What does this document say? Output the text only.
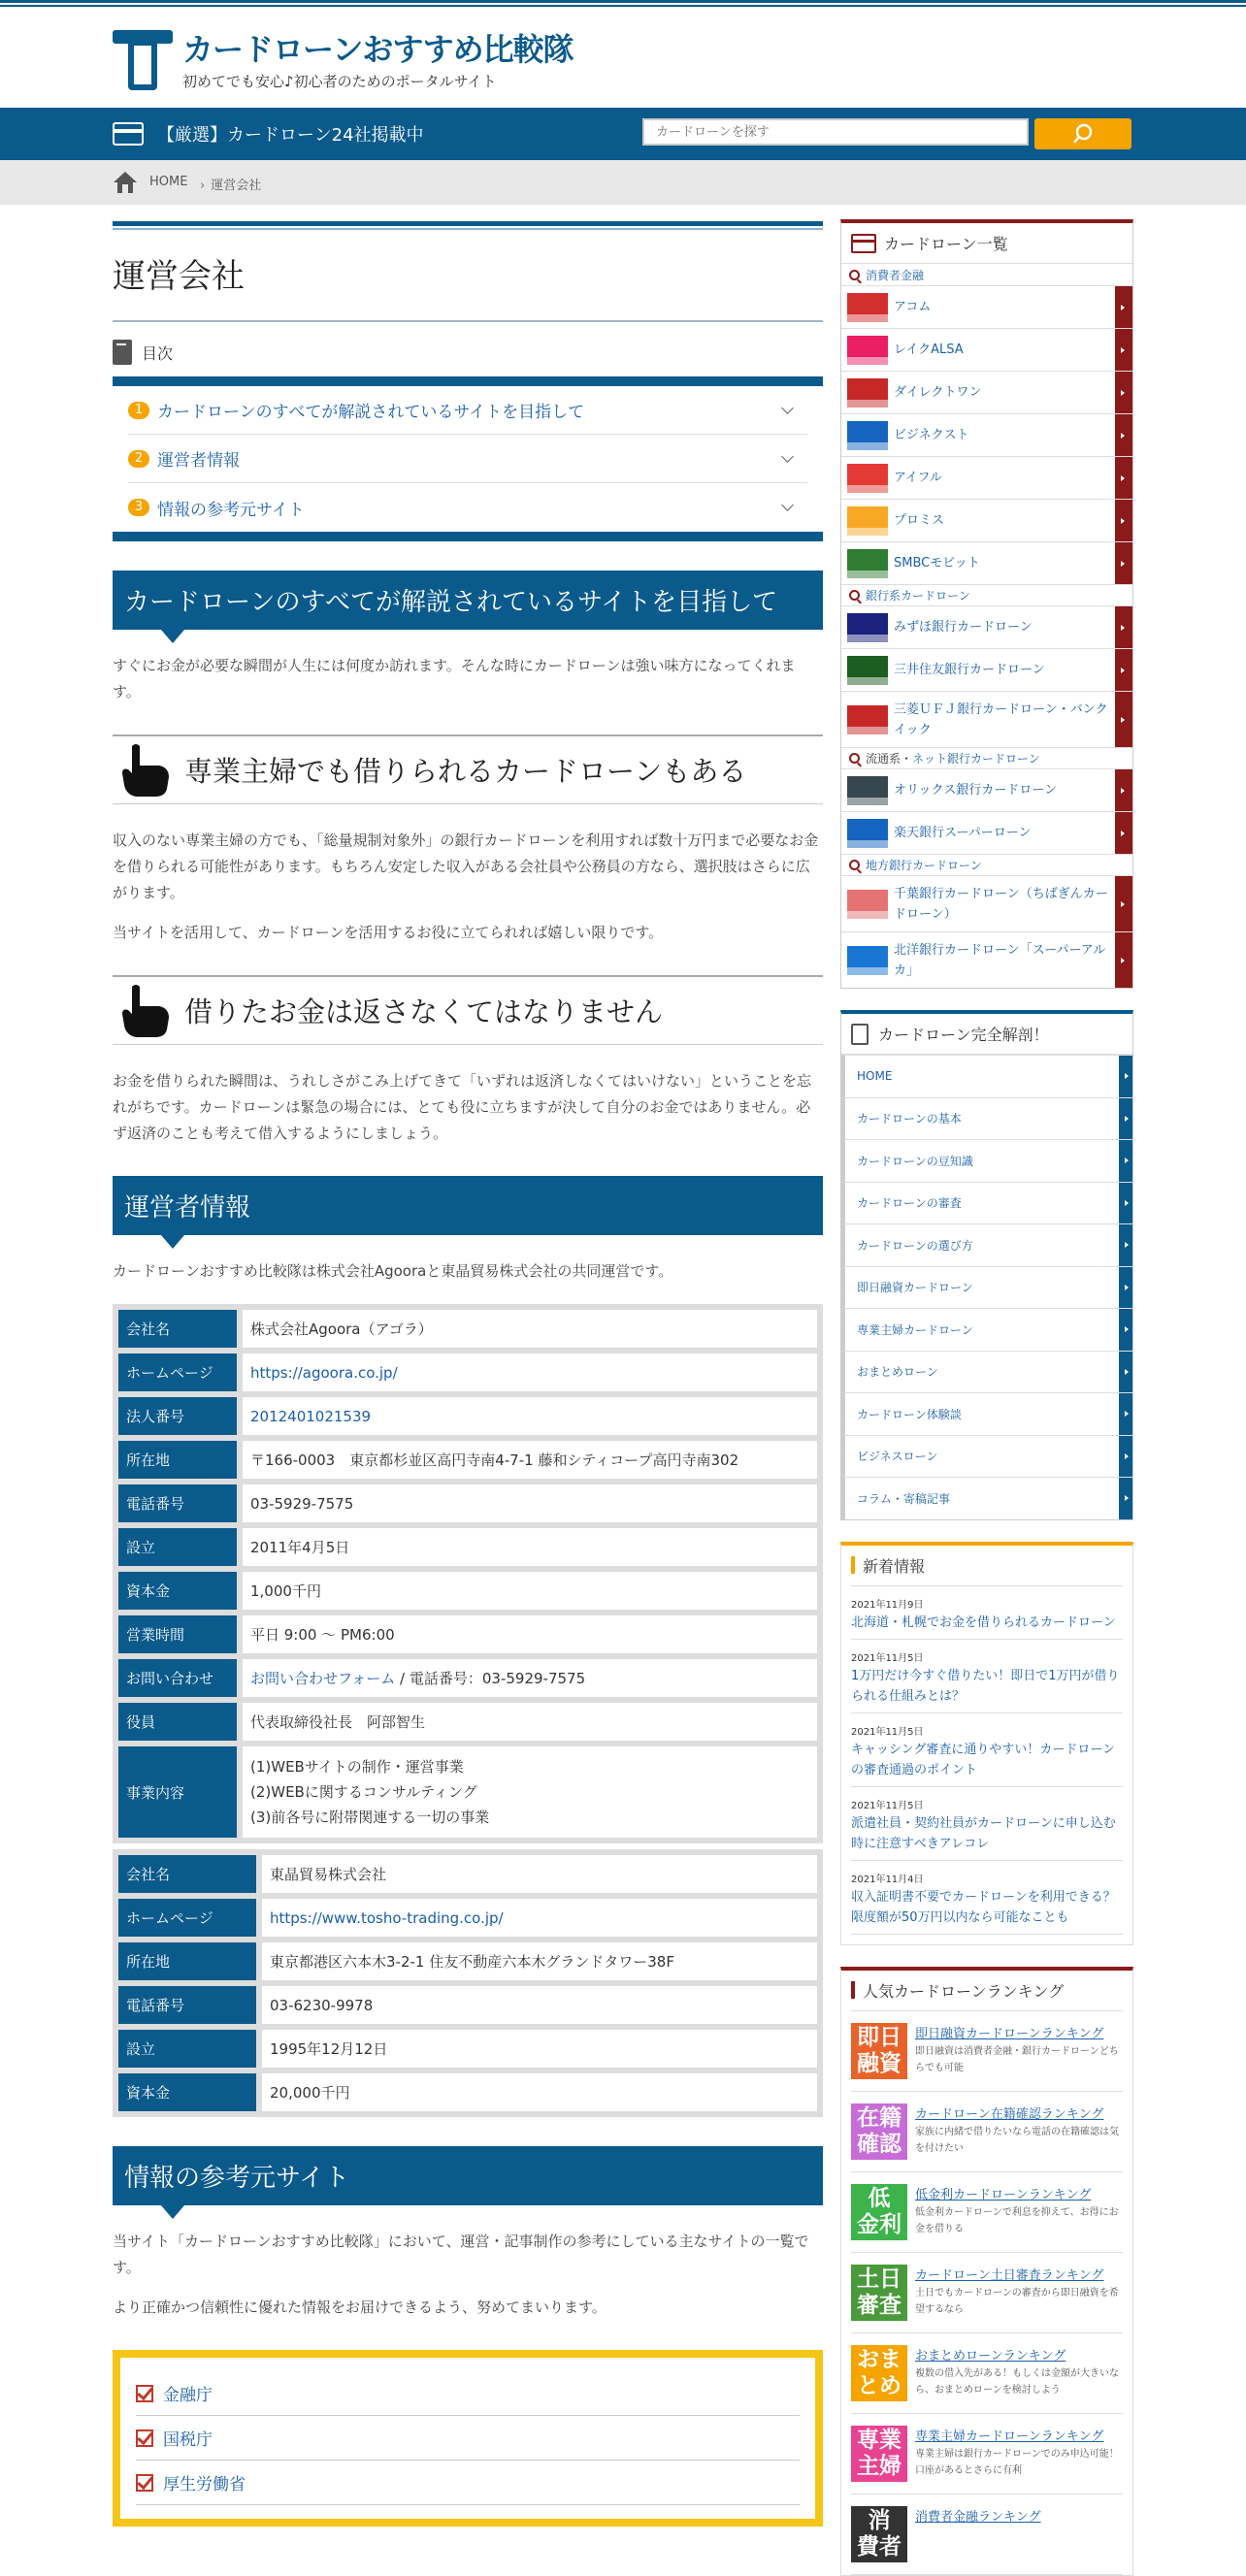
カードローンおすすめ比較隊
初めてでも安心♪初心者のためのポータルサイト
【厳選】カードローン24社掲載中
カードローンを探す
HOME	› 運営会社
運営会社
目次
1 カードローンのすべてが解説されているサイトを目指して
2 運営者情報
3 情報の参考元サイト
カードローンのすべてが解説されているサイトを目指して

すぐにお金が必要な瞬間が人生には何度か訪れます。そんな時にカードローンは強い味方になってくれます。

専業主婦でも借りられるカードローンもある

収入のない専業主婦の方でも、「総量規制対象外」の銀行カードローンを利用すれば数十万円まで必要なお金を借りられる可能性があります。もちろん安定した収入がある会社員や公務員の方なら、選択肢はさらに広がります。

当サイトを活用して、カードローンを活用するお役に立てられれば嬉しい限りです。

借りたお金は返さなくてはなりません

お金を借りられた瞬間は、うれしさがこみ上げてきて「いずれは返済しなくてはいけない」ということを忘れがちです。カードローンは緊急の場合には、とても役に立ちますが決して自分のお金ではありません。必ず返済のことも考えて借入するようにしましょう。

運営者情報

カードローンおすすめ比較隊は株式会社Agooraと東晶貿易株式会社の共同運営です。

会社名	株式会社Agoora（アゴラ）
ホームページ	https://agoora.co.jp/
法人番号	2012401021539
所在地	〒166-0003　東京都杉並区高円寺南4-7-1 藤和シティコープ高円寺南302
電話番号	03-5929-7575
設立	2011年4月5日
資本金	1,000千円
営業時間	平日 9:00 ～ PM6:00
お問い合わせ	お問い合わせフォーム / 電話番号：03-5929-7575
役員	代表取締役社長　阿部智生
事業内容	(1)WEBサイトの制作・運営事業
(2)WEBに関するコンサルティング
(3)前各号に附帯関連する一切の事業
会社名	東晶貿易株式会社
ホームページ	https://www.tosho-trading.co.jp/
所在地	東京都港区六本木3-2-1 住友不動産六本木グランドタワー38F
電話番号	03-6230-9978
設立	1995年12月12日
資本金	20,000千円
情報の参考元サイト

当サイト「カードローンおすすめ比較隊」において、運営・記事制作の参考にしている主なサイトの一覧です。

より正確かつ信頼性に優れた情報をお届けできるよう、努めてまいります。

金融庁
国税庁
厚生労働省
カードローン一覧
消費者金融
アコム
レイクALSA
ダイレクトワン
ビジネクスト
アイフル
プロミス
SMBCモビット
銀行系カードローン
みずほ銀行カードローン
三井住友銀行カードローン
三菱ＵＦＪ銀行カードローン・バンクイック
流通系・ ネット銀行カードローン
オリックス銀行カードローン
楽天銀行スーパーローン
地方銀行カードローン
千葉銀行カードローン（ちばぎんカードローン）
北洋銀行カードローン「スーパーアルカ」
カードローン完全解剖！
HOME
カードローンの基本
カードローンの豆知識
カードローンの審査
カードローンの選び方
即日融資カードローン
専業主婦カードローン
おまとめローン
カードローン体験談
ビジネスローン
コラム・寄稿記事
新着情報
2021年11月9日
北海道・札幌でお金を借りられるカードローン
2021年11月5日
1万円だけ今すぐ借りたい！即日で1万円が借りられる仕組みとは？
2021年11月5日
キャッシング審査に通りやすい！カードローンの審査通過のポイント
2021年11月5日
派遣社員・契約社員がカードローンに申し込む時に注意すべきアレコレ
2021年11月4日
収入証明書不要でカードローンを利用できる？限度額が50万円以内なら可能なことも
人気カードローンランキング
即日
融資
即日融資カードローンランキング
即日融資は消費者金融・銀行カードローンどちらでも可能
在籍
確認
カードローン在籍確認ランキング
家族に内緒で借りたいなら電話の在籍確認は気を付けたい
低
金利
低金利カードローンランキング
低金利カードローンで利息を抑えて、お得にお金を借りる
土日
審査
カードローン土日審査ランキング
土日でもカードローンの審査から即日融資を希望するなら
おま
とめ
おまとめローンランキング
複数の借入先がある！もしくは金額が大きいなら、おまとめローンを検討しよう
専業
主婦
専業主婦カードローンランキング
専業主婦は銀行カードローンでのみ申込可能！口座があるとさらに有利
消
費者
消費者金融ランキング
